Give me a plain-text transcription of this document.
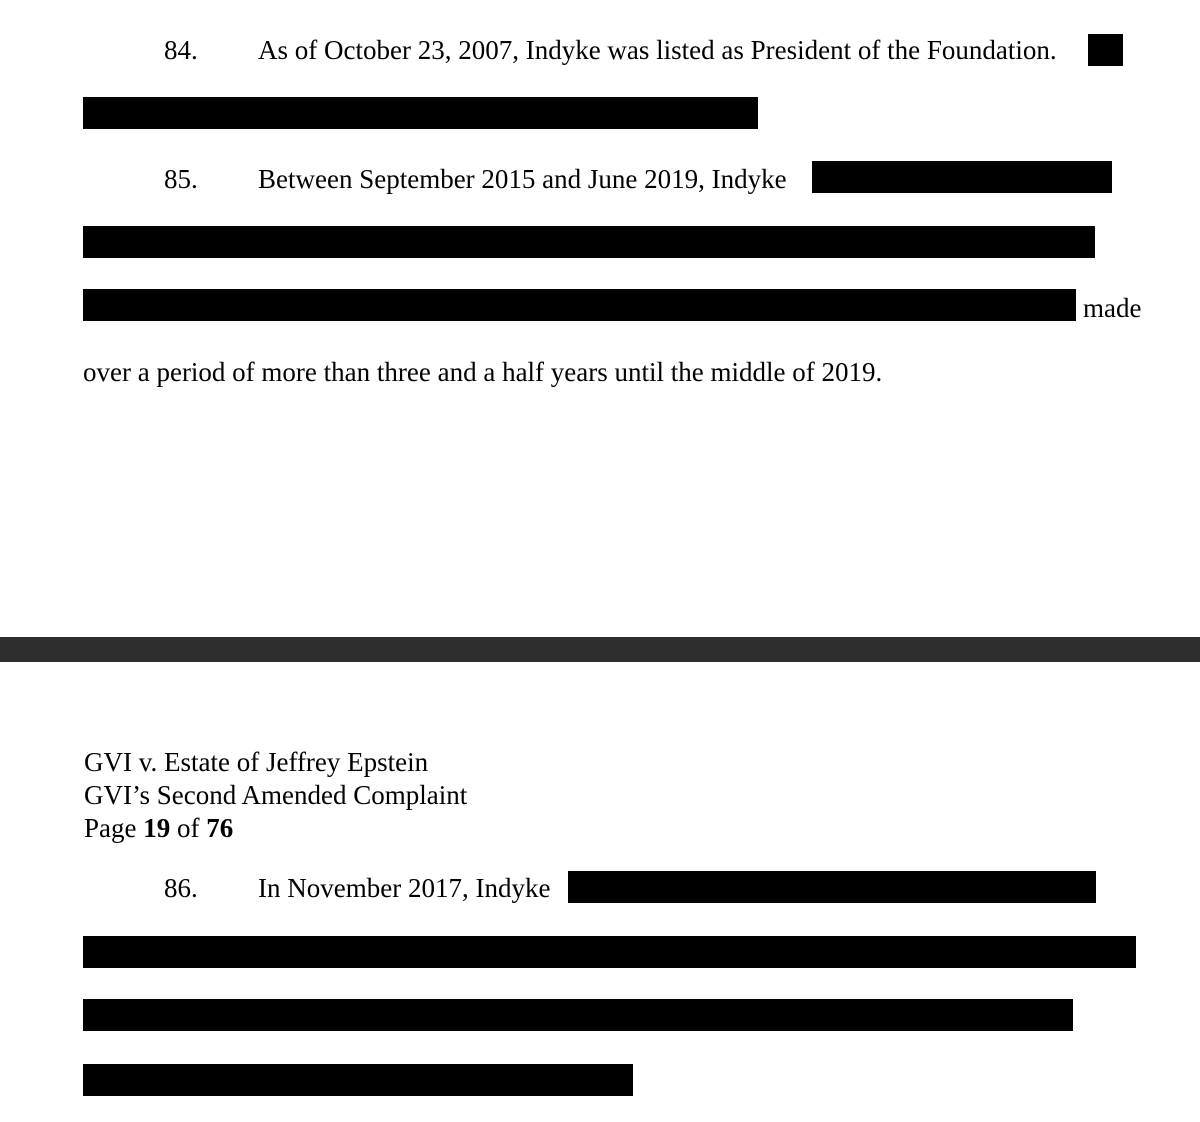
84. As of October 23, 2007, Indyke was listed as President of the Foundation.
85. Between September 2015 and June 2019, Indyke
made
over a period of more than three and a half years until the middle of 2019.
GVI v. Estate of Jeffrey Epstein
GVI’s Second Amended Complaint
Page 19 of 76
86. In November 2017, Indyke
